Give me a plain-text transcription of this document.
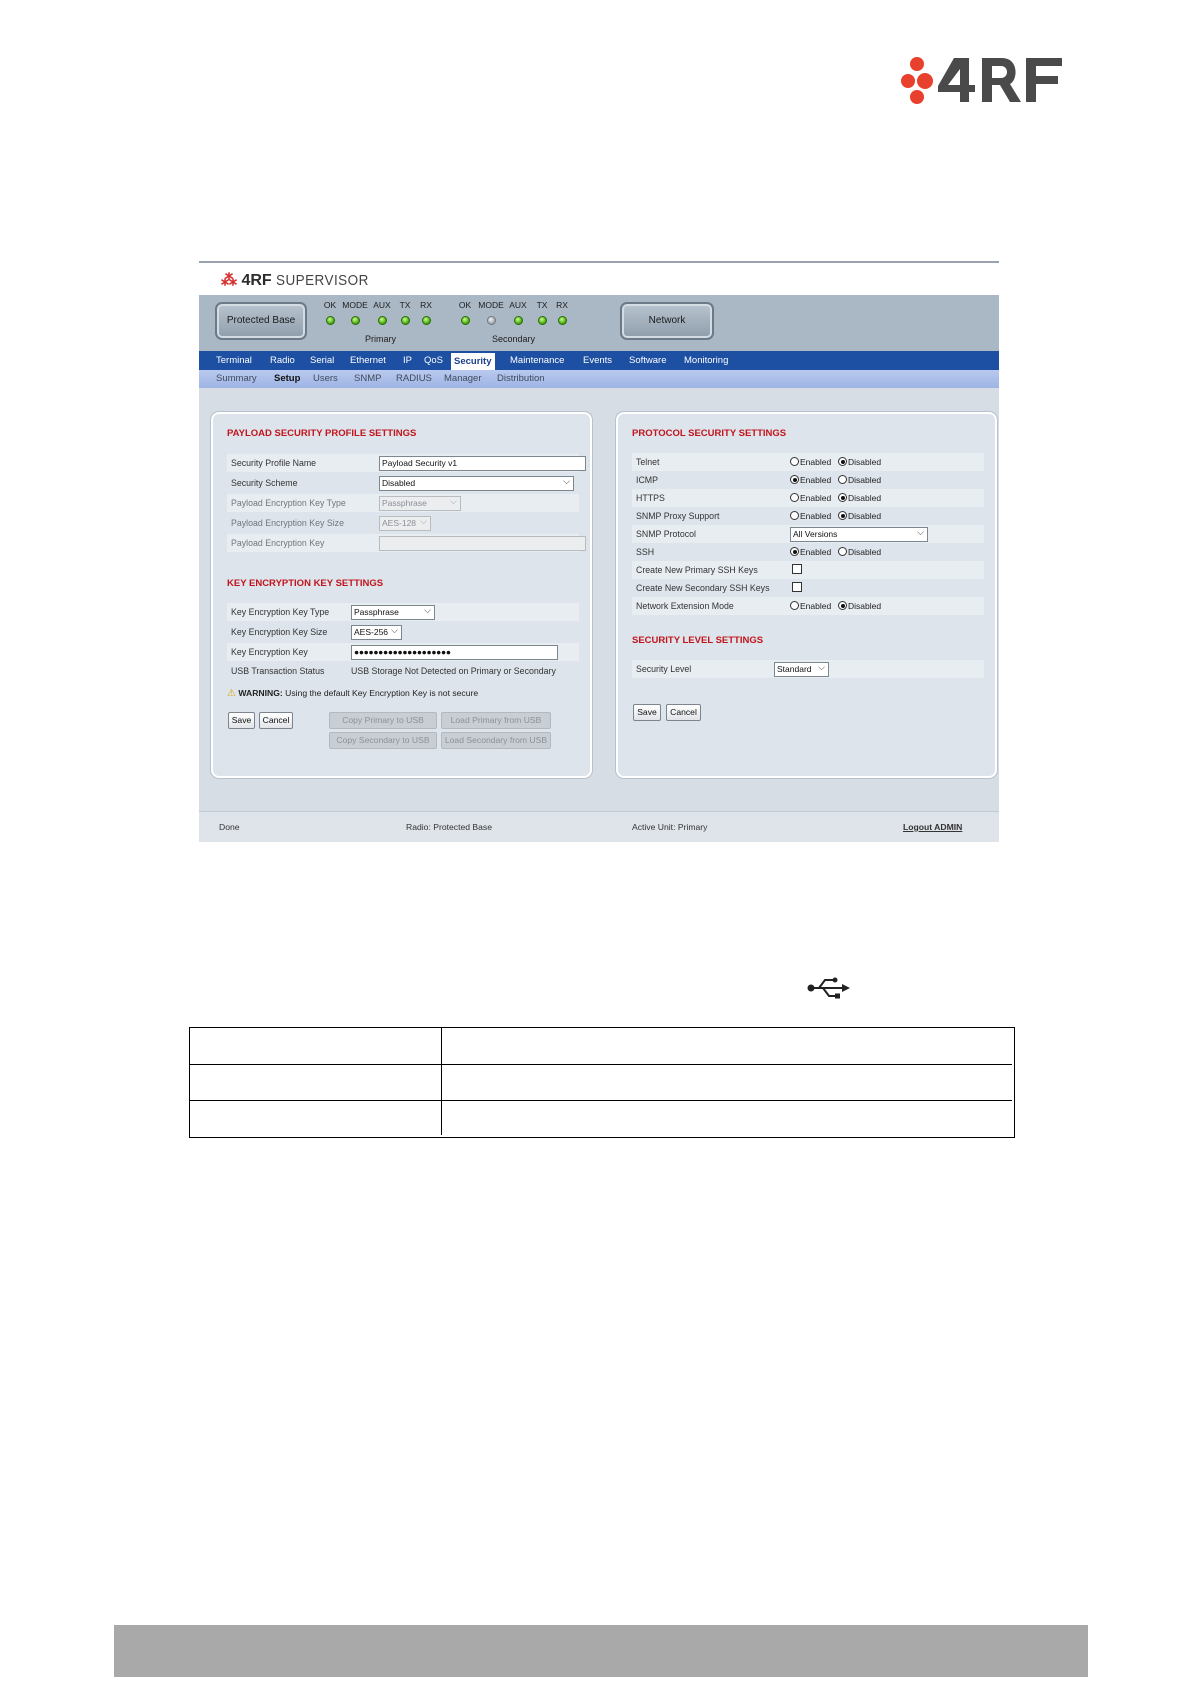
⁂ 4RF SUPERVISOR
Protected Base
OK MODE AUX	TX	RX
Primary
OK MODE AUX	TX	RX
Secondary
Network
Terminal Radio Serial Ethernet IP QoS	Security	Maintenance Events Software Monitoring
Summary Setup Users SNMP RADIUS Manager Distribution
PAYLOAD SECURITY PROFILE SETTINGS
Security Profile Name	Payload Security v1
Security Scheme	Disabled ⌵
Payload Encryption Key Type	Passphrase ⌵
Payload Encryption Key Size	AES-128 ⌵
Payload Encryption Key
KEY ENCRYPTION KEY SETTINGS
Key Encryption Key Type	Passphrase ⌵
Key Encryption Key Size	AES-256 ⌵
Key Encryption Key	●●●●●●●●●●●●●●●●●●●●
USB Transaction Status	USB Storage Not Detected on Primary or Secondary
⚠ WARNING: Using the default Key Encryption Key is not secure
Save	Cancel	Copy Primary to USB	Load Primary from USB
Copy Secondary to USB	Load Secondary from USB
PROTOCOL SECURITY SETTINGS
Telnet	Enabled	Disabled
ICMP	Enabled	Disabled
HTTPS	Enabled	Disabled
SNMP Proxy Support	Enabled	Disabled
SNMP Protocol	All Versions ⌵
SSH	Enabled	Disabled
Create New Primary SSH Keys
Create New Secondary SSH Keys
Network Extension Mode	Enabled	Disabled
SECURITY LEVEL SETTINGS
Security Level	Standard ⌵
Save	Cancel
Done	Radio: Protected Base	Active Unit: Primary	Logout ADMIN
